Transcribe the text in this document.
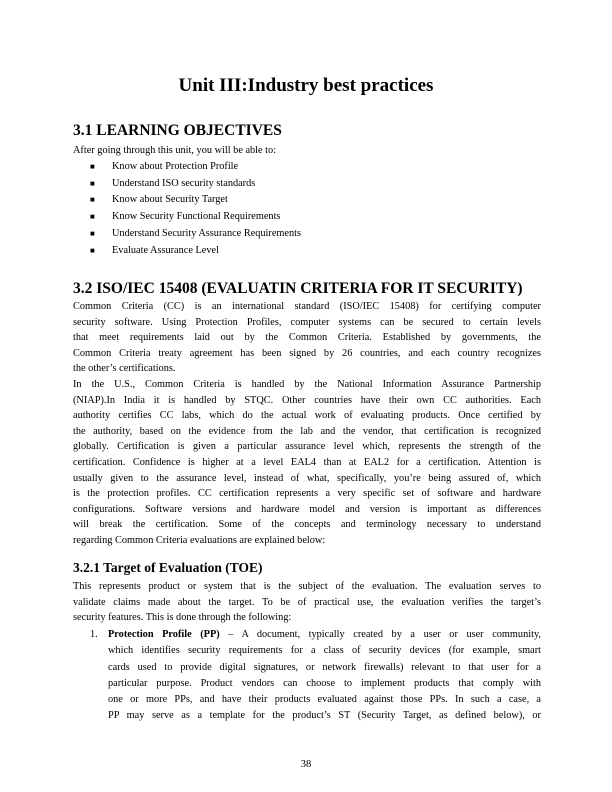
Unit III:Industry best practices
3.1 LEARNING OBJECTIVES
After going through this unit, you will be able to:
■ Know about Protection Profile
■ Understand ISO security standards
■ Know about Security Target
■ Know Security Functional Requirements
■ Understand Security Assurance Requirements
■ Evaluate Assurance Level
3.2 ISO/IEC 15408 (EVALUATIN CRITERIA FOR IT SECURITY)
Common Criteria (CC) is an international standard (ISO/IEC 15408) for certifying computer
security software. Using Protection Profiles, computer systems can be secured to certain levels
that meet requirements laid out by the Common Criteria. Established by governments, the
Common Criteria treaty agreement has been signed by 26 countries, and each country recognizes
the other’s certifications.
In the U.S., Common Criteria is handled by the National Information Assurance Partnership
(NIAP).In India it is handled by STQC. Other countries have their own CC authorities. Each
authority certifies CC labs, which do the actual work of evaluating products. Once certified by
the authority, based on the evidence from the lab and the vendor, that certification is recognized
globally. Certification is given a particular assurance level which, represents the strength of the
certification. Confidence is higher at a level EAL4 than at EAL2 for a certification. Attention is
usually given to the assurance level, instead of what, specifically, you’re being assured of, which
is the protection profiles. CC certification represents a very specific set of software and hardware
configurations. Software versions and hardware model and version is important as differences
will break the certification. Some of the concepts and terminology necessary to understand
regarding Common Criteria evaluations are explained below:
3.2.1 Target of Evaluation (TOE)
This represents product or system that is the subject of the evaluation. The evaluation serves to
validate claims made about the target. To be of practical use, the evaluation verifies the target’s
security features. This is done through the following:
1. Protection Profile (PP) – A document, typically created by a user or user community,
which identifies security requirements for a class of security devices (for example, smart
cards used to provide digital signatures, or network firewalls) relevant to that user for a
particular purpose. Product vendors can choose to implement products that comply with
one or more PPs, and have their products evaluated against those PPs. In such a case, a
PP may serve as a template for the product’s ST (Security Target, as defined below), or
38
